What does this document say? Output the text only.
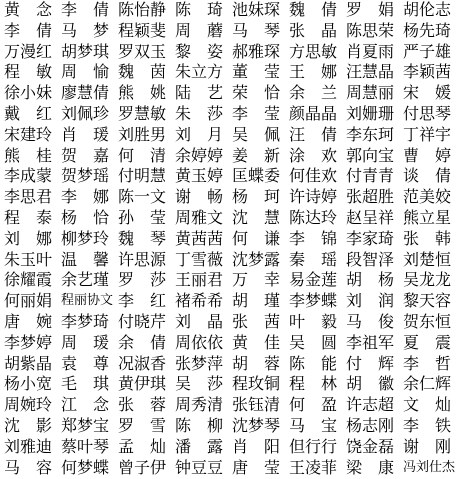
黄　念 李　倩 陈怡静 陈　琦 池妹琛 魏　倩 罗　娟 胡伦志
李　倩 马　梦 程颖斐 周　蘑 马　琴 张　晶 陈思荣 杨先琦
万漫红 胡梦琪 罗双玉 黎　姿 郝雅琛 方思敏 肖夏雨 严子雄
程　敏 周　愉 魏　茵 朱立方 董　莹 王　娜 汪慧晶 李颖茜
徐小妹 廖慧倩 熊　姚 陆　艺 荣　恰 余　兰 周慧丽 宋　媛
戴　红 刘佩珍 罗慧敏 朱　莎 李　莹 颜晶晶 刘姗珊 付思琴
宋建玲 肖　瑗 刘胜男 刘　月 吴　佩 汪　倩 李东珂 丁祥宇
熊　桂 贺　嘉 何　清 余婷婷 姜　新 涂　欢 郭向宝 曹　婷
李成蒙 贺梦瑶 付明慧 黄玉婷 匡蝶委 何佳欢 付青青 谈　倩
李思君 李　娜 陈一文 谢　畅 杨　珂 许诗婷 张超胜 范美姣
程　泰 杨　恰 孙　莹 周雅文 沈　慧 陈达玲 赵呈祥 熊立星
刘　娜 柳梦玲 魏　琴 黄茜茜 何　谦 李　锦 李家琦 张　韩
朱玉叶 温　馨 许思源 丁雪薇 沈梦露 秦　瑶 段智泽 刘楚恒
徐耀霞 余艺瑾 罗　莎 王丽君 万　幸 易金莲 胡　杨 吴龙龙
何丽娟 程丽协文 李　红 褚希希 胡　瑾 李梦蝶 刘　润 黎天容
唐　婉 李梦琦 付晓芹 刘　晶 张　茜 叶　毅 马　俊 贺东恒
李梦婷 周　瑗 余　倩 周依依 黄　佳 吴　圆 李祖军 夏　震
胡紫晶 袁　尊 况淑香 张梦萍 胡　蓉 陈　能 付　辉 李　哲
杨小宽 毛　琪 黄伊琪 吴　莎 程玫铜 程　林 胡　徽 余仁辉
周婉玲 江　念 张　蓉 周秀清 张钰清 何　盈 许志超 文　灿
沈　影 郑梦宝 罗　雪 陈　柳 沈梦琴 马　宝 杨志刚 李　铁
刘雅迪 蔡叶琴 孟　灿 潘　露 肖　阳 但行行 饶金磊 谢　刚
马　容 何梦蝶 曾子伊 钟豆豆 唐　莹 王凌菲 梁　康 冯刘仕杰
